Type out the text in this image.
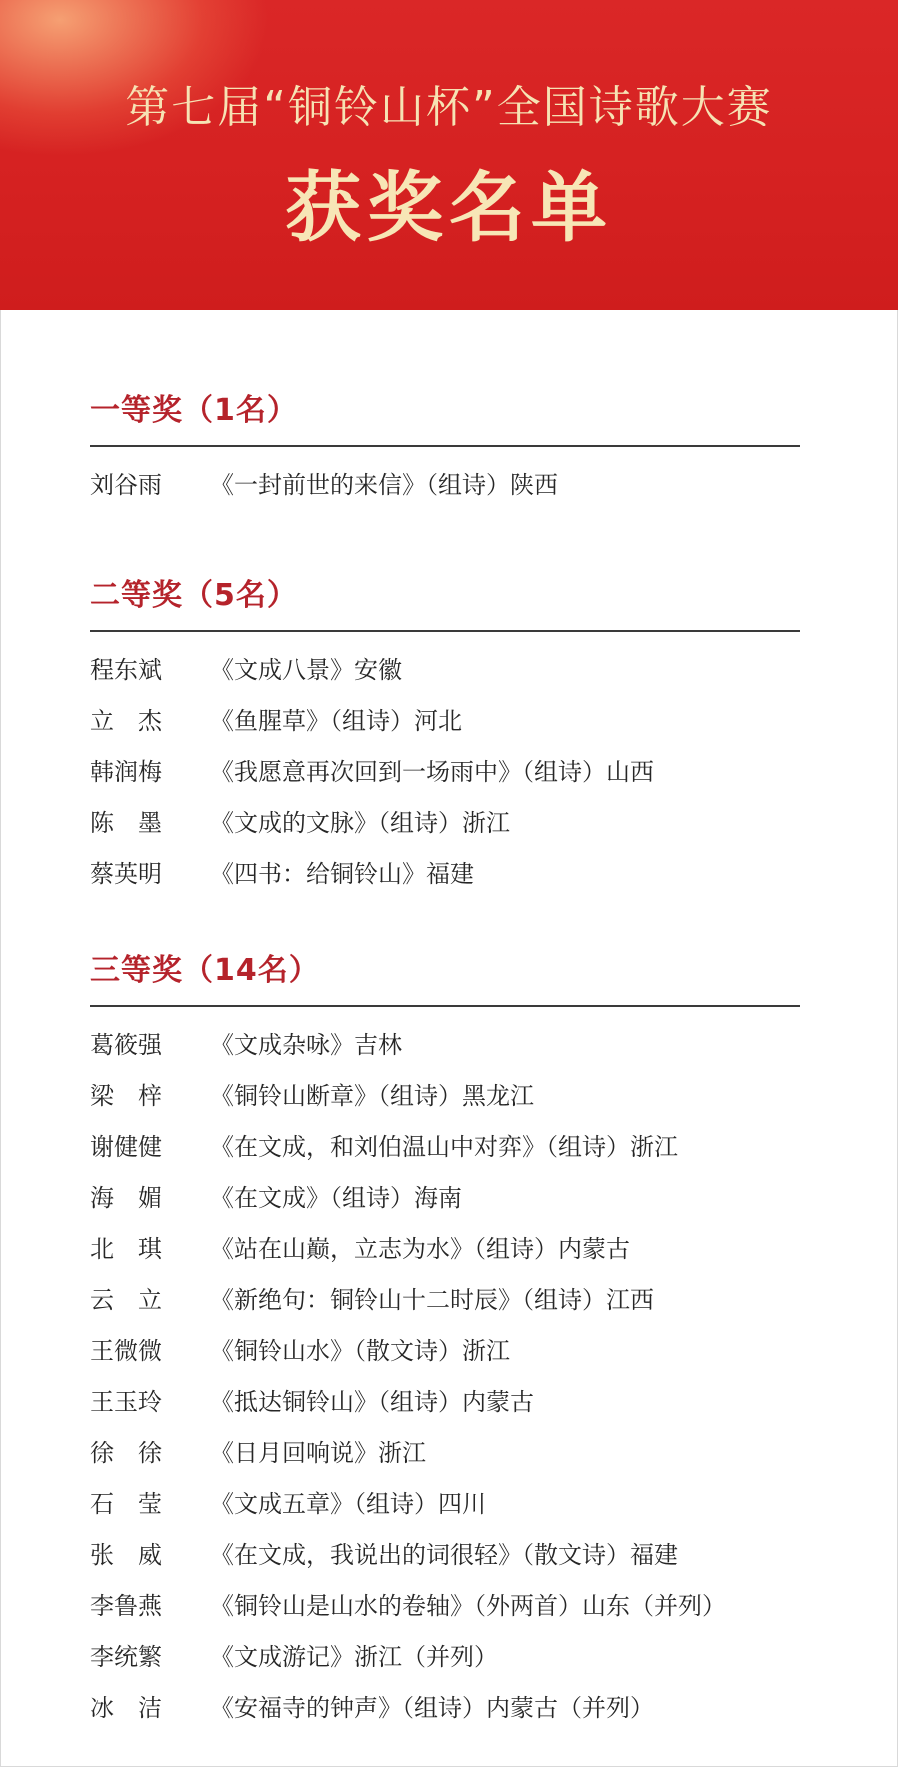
第七届“铜铃山杯”全国诗歌大赛
获奖名单
一等奖（1名）
刘谷雨	《一封前世的来信》（组诗）陕西
二等奖（5名）
程东斌	《文成八景》安徽
立　杰	《鱼腥草》（组诗）河北
韩润梅	《我愿意再次回到一场雨中》（组诗）山西
陈　墨	《文成的文脉》（组诗）浙江
蔡英明	《四书：给铜铃山》福建
三等奖（14名）
葛筱强	《文成杂咏》吉林
梁　梓	《铜铃山断章》（组诗）黑龙江
谢健健	《在文成，和刘伯温山中对弈》（组诗）浙江
海　媚	《在文成》（组诗）海南
北　琪	《站在山巅，立志为水》（组诗）内蒙古
云　立	《新绝句：铜铃山十二时辰》（组诗）江西
王微微	《铜铃山水》（散文诗）浙江
王玉玲	《抵达铜铃山》（组诗）内蒙古
徐　徐	《日月回响说》浙江
石　莹	《文成五章》（组诗）四川
张　威	《在文成，我说出的词很轻》（散文诗）福建
李鲁燕	《铜铃山是山水的卷轴》（外两首）山东（并列）
李统繁	《文成游记》浙江（并列）
冰　洁	《安福寺的钟声》（组诗）内蒙古（并列）
